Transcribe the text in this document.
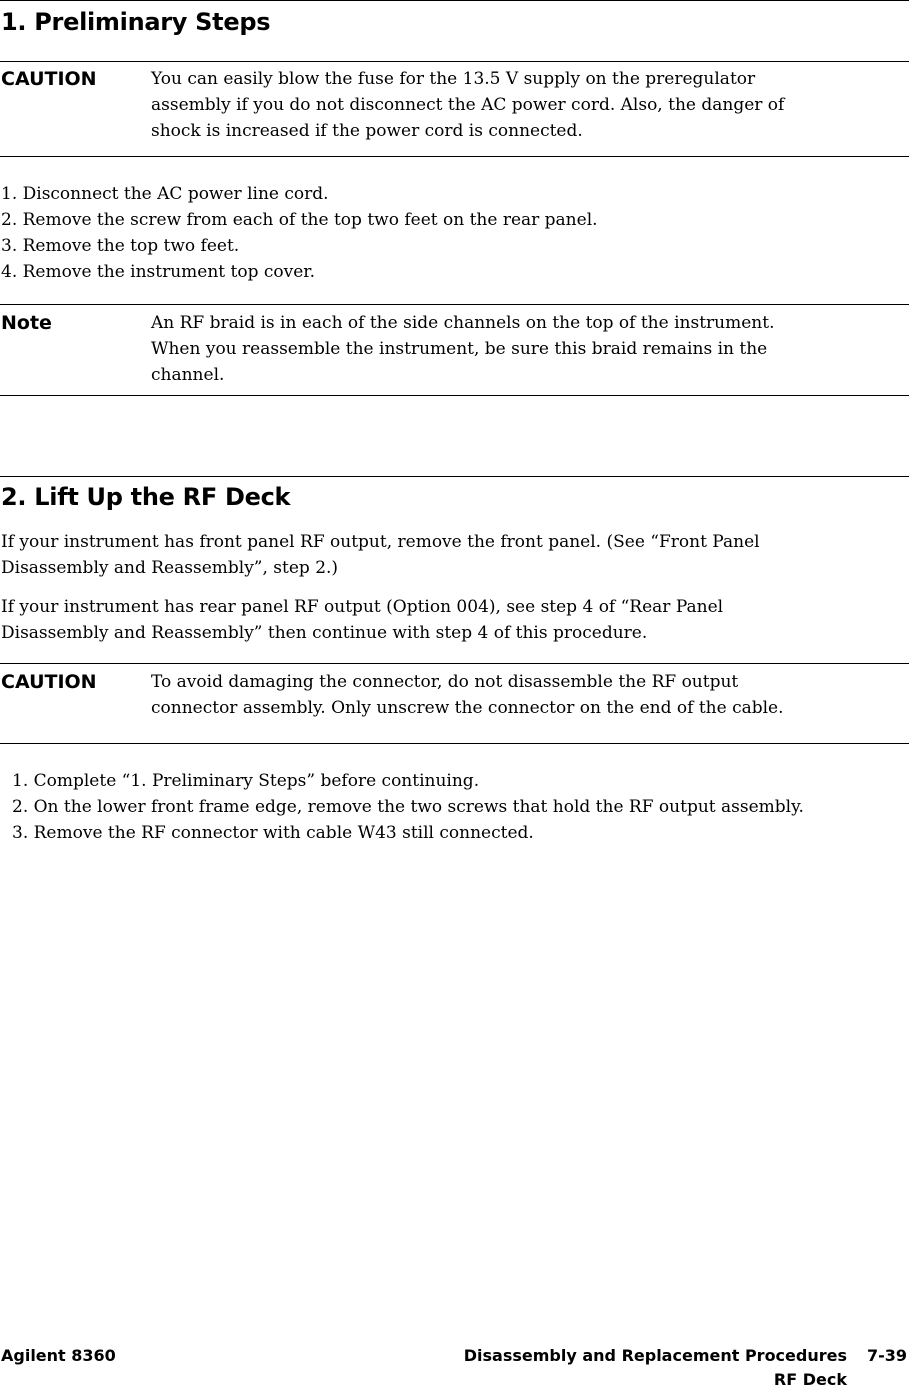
1. Preliminary Steps
CAUTION	You can easily blow the fuse for the 13.5 V supply on the preregulator
assembly if you do not disconnect the AC power cord. Also, the danger of
shock is increased if the power cord is connected.
1. Disconnect the AC power line cord.
2. Remove the screw from each of the top two feet on the rear panel.
3. Remove the top two feet.
4. Remove the instrument top cover.
Note	An RF braid is in each of the side channels on the top of the instrument.
When you reassemble the instrument, be sure this braid remains in the
channel.
2. Lift Up the RF Deck
If your instrument has front panel RF output, remove the front panel. (See “Front Panel
Disassembly and Reassembly”, step 2.)
If your instrument has rear panel RF output (Option 004), see step 4 of “Rear Panel
Disassembly and Reassembly” then continue with step 4 of this procedure.
CAUTION	To avoid damaging the connector, do not disassemble the RF output
connector assembly. Only unscrew the connector on the end of the cable.
1. Complete “1. Preliminary Steps” before continuing.
2. On the lower front frame edge, remove the two screws that hold the RF output assembly.
3. Remove the RF connector with cable W43 still connected.
Agilent 8360	Disassembly and Replacement Procedures 7-39
RF Deck
